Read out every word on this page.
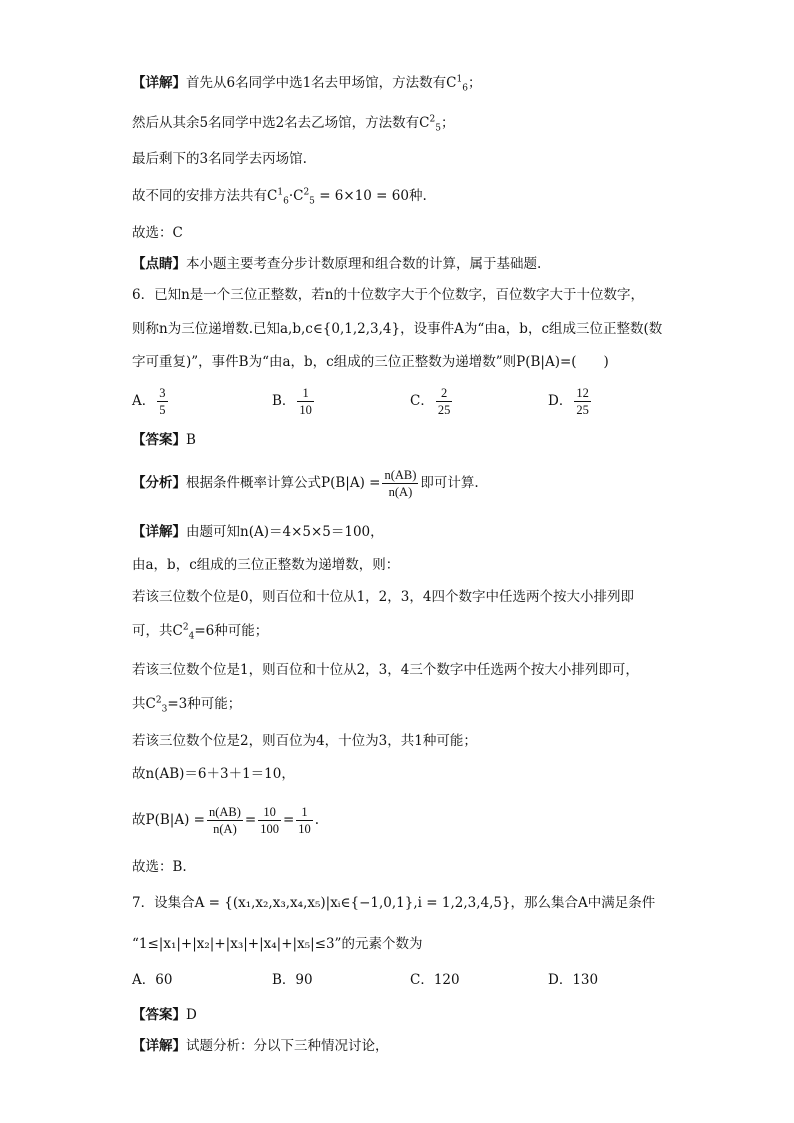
【详解】首先从6名同学中选1名去甲场馆，方法数有$C^1_6$；
然后从其余5名同学中选2名去乙场馆，方法数有$C^2_5$；
最后剩下的3名同学去丙场馆.
故不同的安排方法共有$C^1_6\cdot C^2_5 = 6\times 10 = 60$种.
故选：C
【点睛】本小题主要考查分步计数原理和组合数的计算，属于基础题.
6．已知n是一个三位正整数，若n的十位数字大于个位数字，百位数字大于十位数字，
则称n为三位递增数.已知a,b,c∈{0,1,2,3,4}，设事件A为“由a，b，c组成三位正整数(数
字可重复)”，事件B为“由a，b，c组成的三位正整数为递增数”则P(B|A)=(　　)
A． $\frac{3}{5}$	B． $\frac{1}{10}$	C． $\frac{2}{25}$	D． $\frac{12}{25}$
【答案】B
【分析】根据条件概率计算公式$P(B|A) = \frac{n(AB)}{n(A)}$ 即可计算.
【详解】由题可知n(A)＝4×5×5＝100，
由a，b，c组成的三位正整数为递增数，则：
若该三位数个位是0，则百位和十位从1，2，3，4四个数字中任选两个按大小排列即
可，共$C^2_4=6$种可能；
若该三位数个位是1，则百位和十位从2，3，4三个数字中任选两个按大小排列即可，
共$C^2_3=3$种可能；
若该三位数个位是2，则百位为4，十位为3，共1种可能；
故n(AB)＝6＋3＋1＝10，
故$P(B|A) = \frac{n(AB)}{n(A)} = \frac{10}{100} = \frac{1}{10}$ .
故选：B.
7．设集合A = {(x₁,x₂,x₃,x₄,x₅)|xᵢ∈{−1,0,1},i = 1,2,3,4,5}，那么集合A中满足条件
“1≤|x₁|+|x₂|+|x₃|+|x₄|+|x₅|≤3”的元素个数为
A．60	B．90	C．120	D．130
【答案】D
【详解】试题分析：分以下三种情况讨论，
